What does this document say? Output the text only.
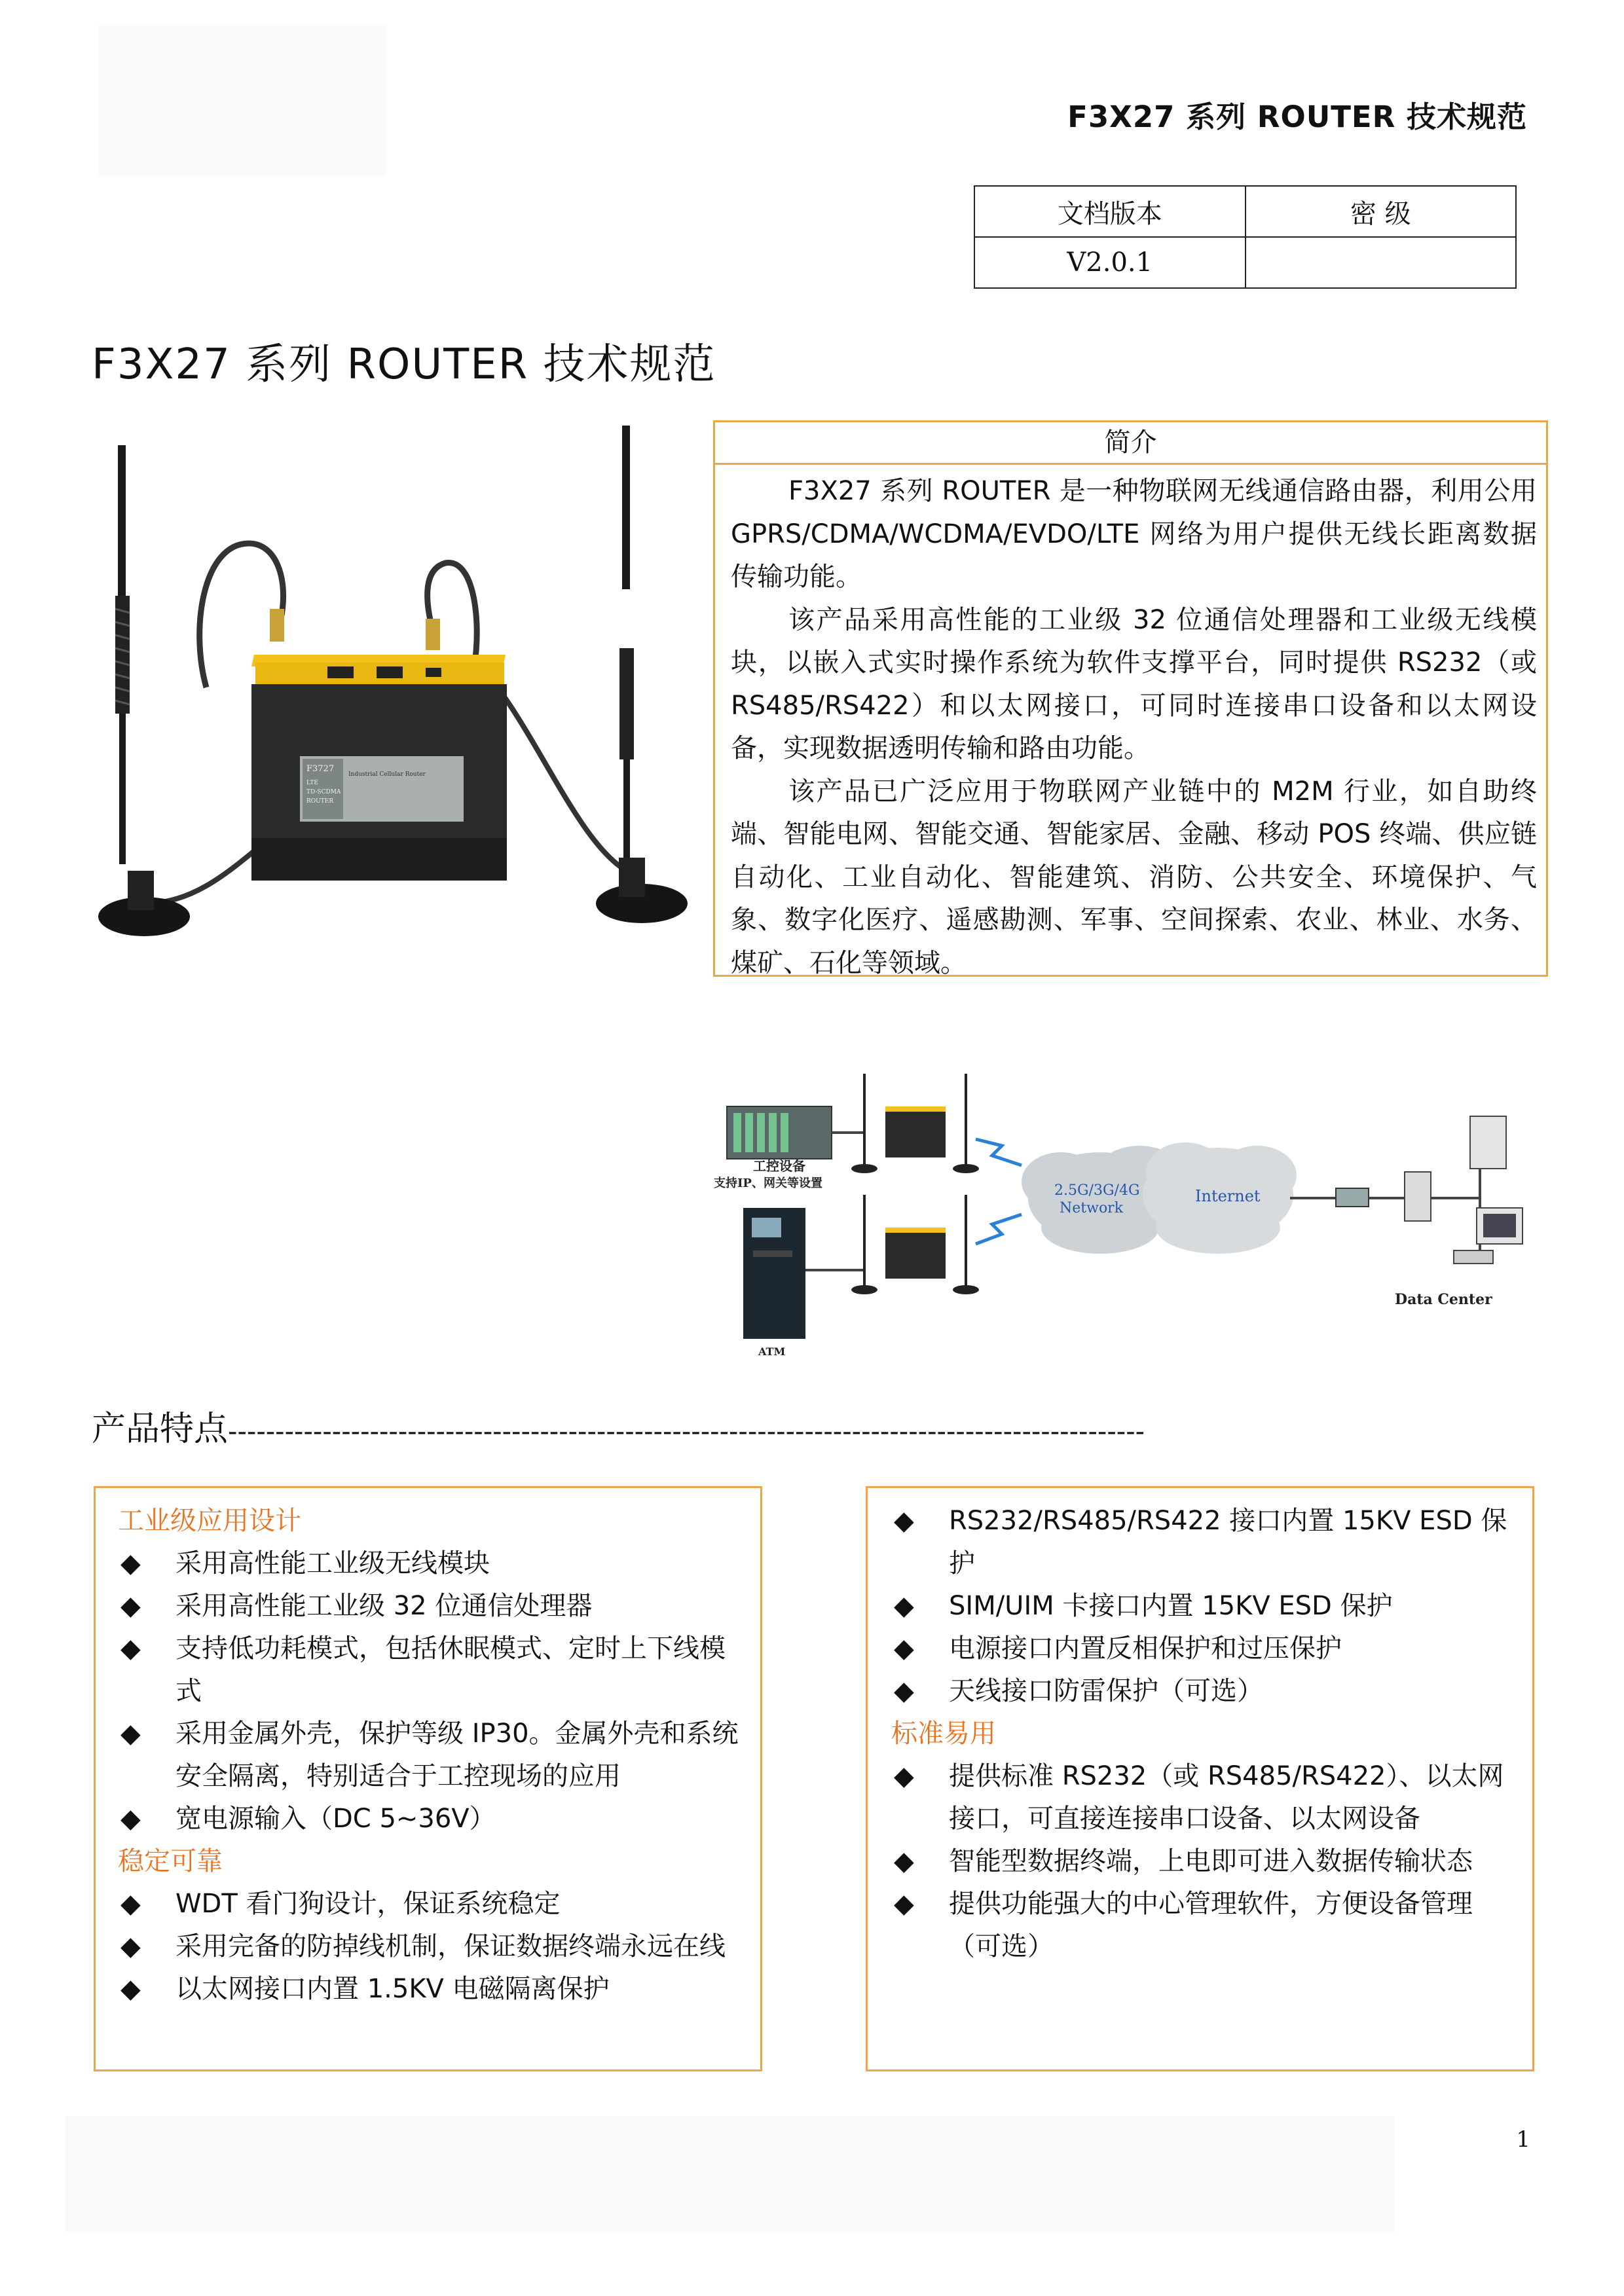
F3X27 系列 ROUTER 技术规范
文档版本	密 级
V2.0.1	
F3X27 系列 ROUTER 技术规范
F3727
LTE
TD-SCDMA
ROUTER
Industrial Cellular Router
简介

F3X27 系列 ROUTER 是一种物联网无线通信路由器，利用公用 GPRS/CDMA/WCDMA/EVDO/LTE 网络为用户提供无线长距离数据传输功能。

该产品采用高性能的工业级 32 位通信处理器和工业级无线模块，以嵌入式实时操作系统为软件支撑平台，同时提供 RS232（或 RS485/RS422）和以太网接口，可同时连接串口设备和以太网设备，实现数据透明传输和路由功能。

该产品已广泛应用于物联网产业链中的 M2M 行业，如自助终端、智能电网、智能交通、智能家居、金融、移动 POS 终端、供应链自动化、工业自动化、智能建筑、消防、公共安全、环境保护、气象、数字化医疗、遥感勘测、军事、空间探索、农业、林业、水务、煤矿、石化等领域。

工控设备
支持IP、网关等设置
ATM
2.5G/3G/4G
Network
Internet
Data Center
产品特点-------------------------------------------------------------------------------------------------
工业级应用设计
◆ 采用高性能工业级无线模块
◆ 采用高性能工业级 32 位通信处理器
◆ 支持低功耗模式，包括休眠模式、定时上下线模式
◆ 采用金属外壳，保护等级 IP30。金属外壳和系统安全隔离，特别适合于工控现场的应用
◆ 宽电源输入（DC 5~36V）
稳定可靠
◆ WDT 看门狗设计，保证系统稳定
◆ 采用完备的防掉线机制，保证数据终端永远在线
◆ 以太网接口内置 1.5KV 电磁隔离保护
◆ RS232/RS485/RS422 接口内置 15KV ESD 保护
◆ SIM/UIM 卡接口内置 15KV ESD 保护
◆ 电源接口内置反相保护和过压保护
◆ 天线接口防雷保护（可选）
标准易用
◆ 提供标准 RS232（或 RS485/RS422）、以太网接口，可直接连接串口设备、以太网设备
◆ 智能型数据终端，上电即可进入数据传输状态
◆ 提供功能强大的中心管理软件，方便设备管理（可选）
1
